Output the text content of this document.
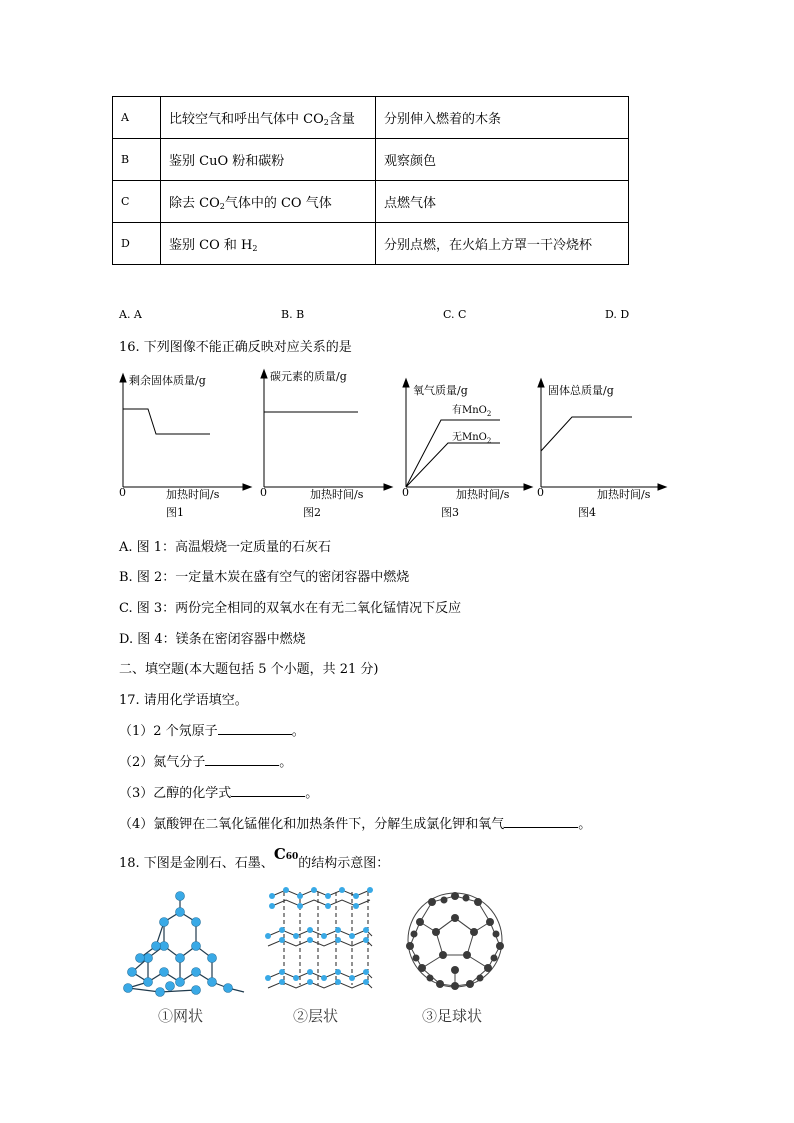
A	比较空气和呼出气体中 $CO_2$含量	分别伸入燃着的木条
B	鉴别 CuO 粉和碳粉	观察颜色
C	除去 $CO_2$气体中的 CO 气体	点燃气体
D	鉴别 CO 和 $H_2$	分别点燃，在火焰上方罩一干冷烧杯
A. A	B. B	C. C	D. D
16. 下列图像不能正确反映对应关系的是
剩余固体质量/g
0	加热时间/s
图1
碳元素的质量/g
0	加热时间/s
图2
氧气质量/g
有MnO$_2$
无MnO$_2$
0	加热时间/s
图3
固体总质量/g
0	加热时间/s
图4
A. 图 1：高温煅烧一定质量的石灰石
B. 图 2：一定量木炭在盛有空气的密闭容器中燃烧
C. 图 3：两份完全相同的双氧水在有无二氧化锰情况下反应
D. 图 4：镁条在密闭容器中燃烧
二、填空题(本大题包括 5 个小题，共 21 分)
17. 请用化学语填空。
（1）2 个氖原子	。
（2）氮气分子	。
（3）乙醇的化学式	。
（4）氯酸钾在二氧化锰催化和加热条件下，分解生成氯化钾和氧气	。
18. 下图是金刚石、石墨、$C^{60}$的结构示意图：
①网状	②层状	③足球状
